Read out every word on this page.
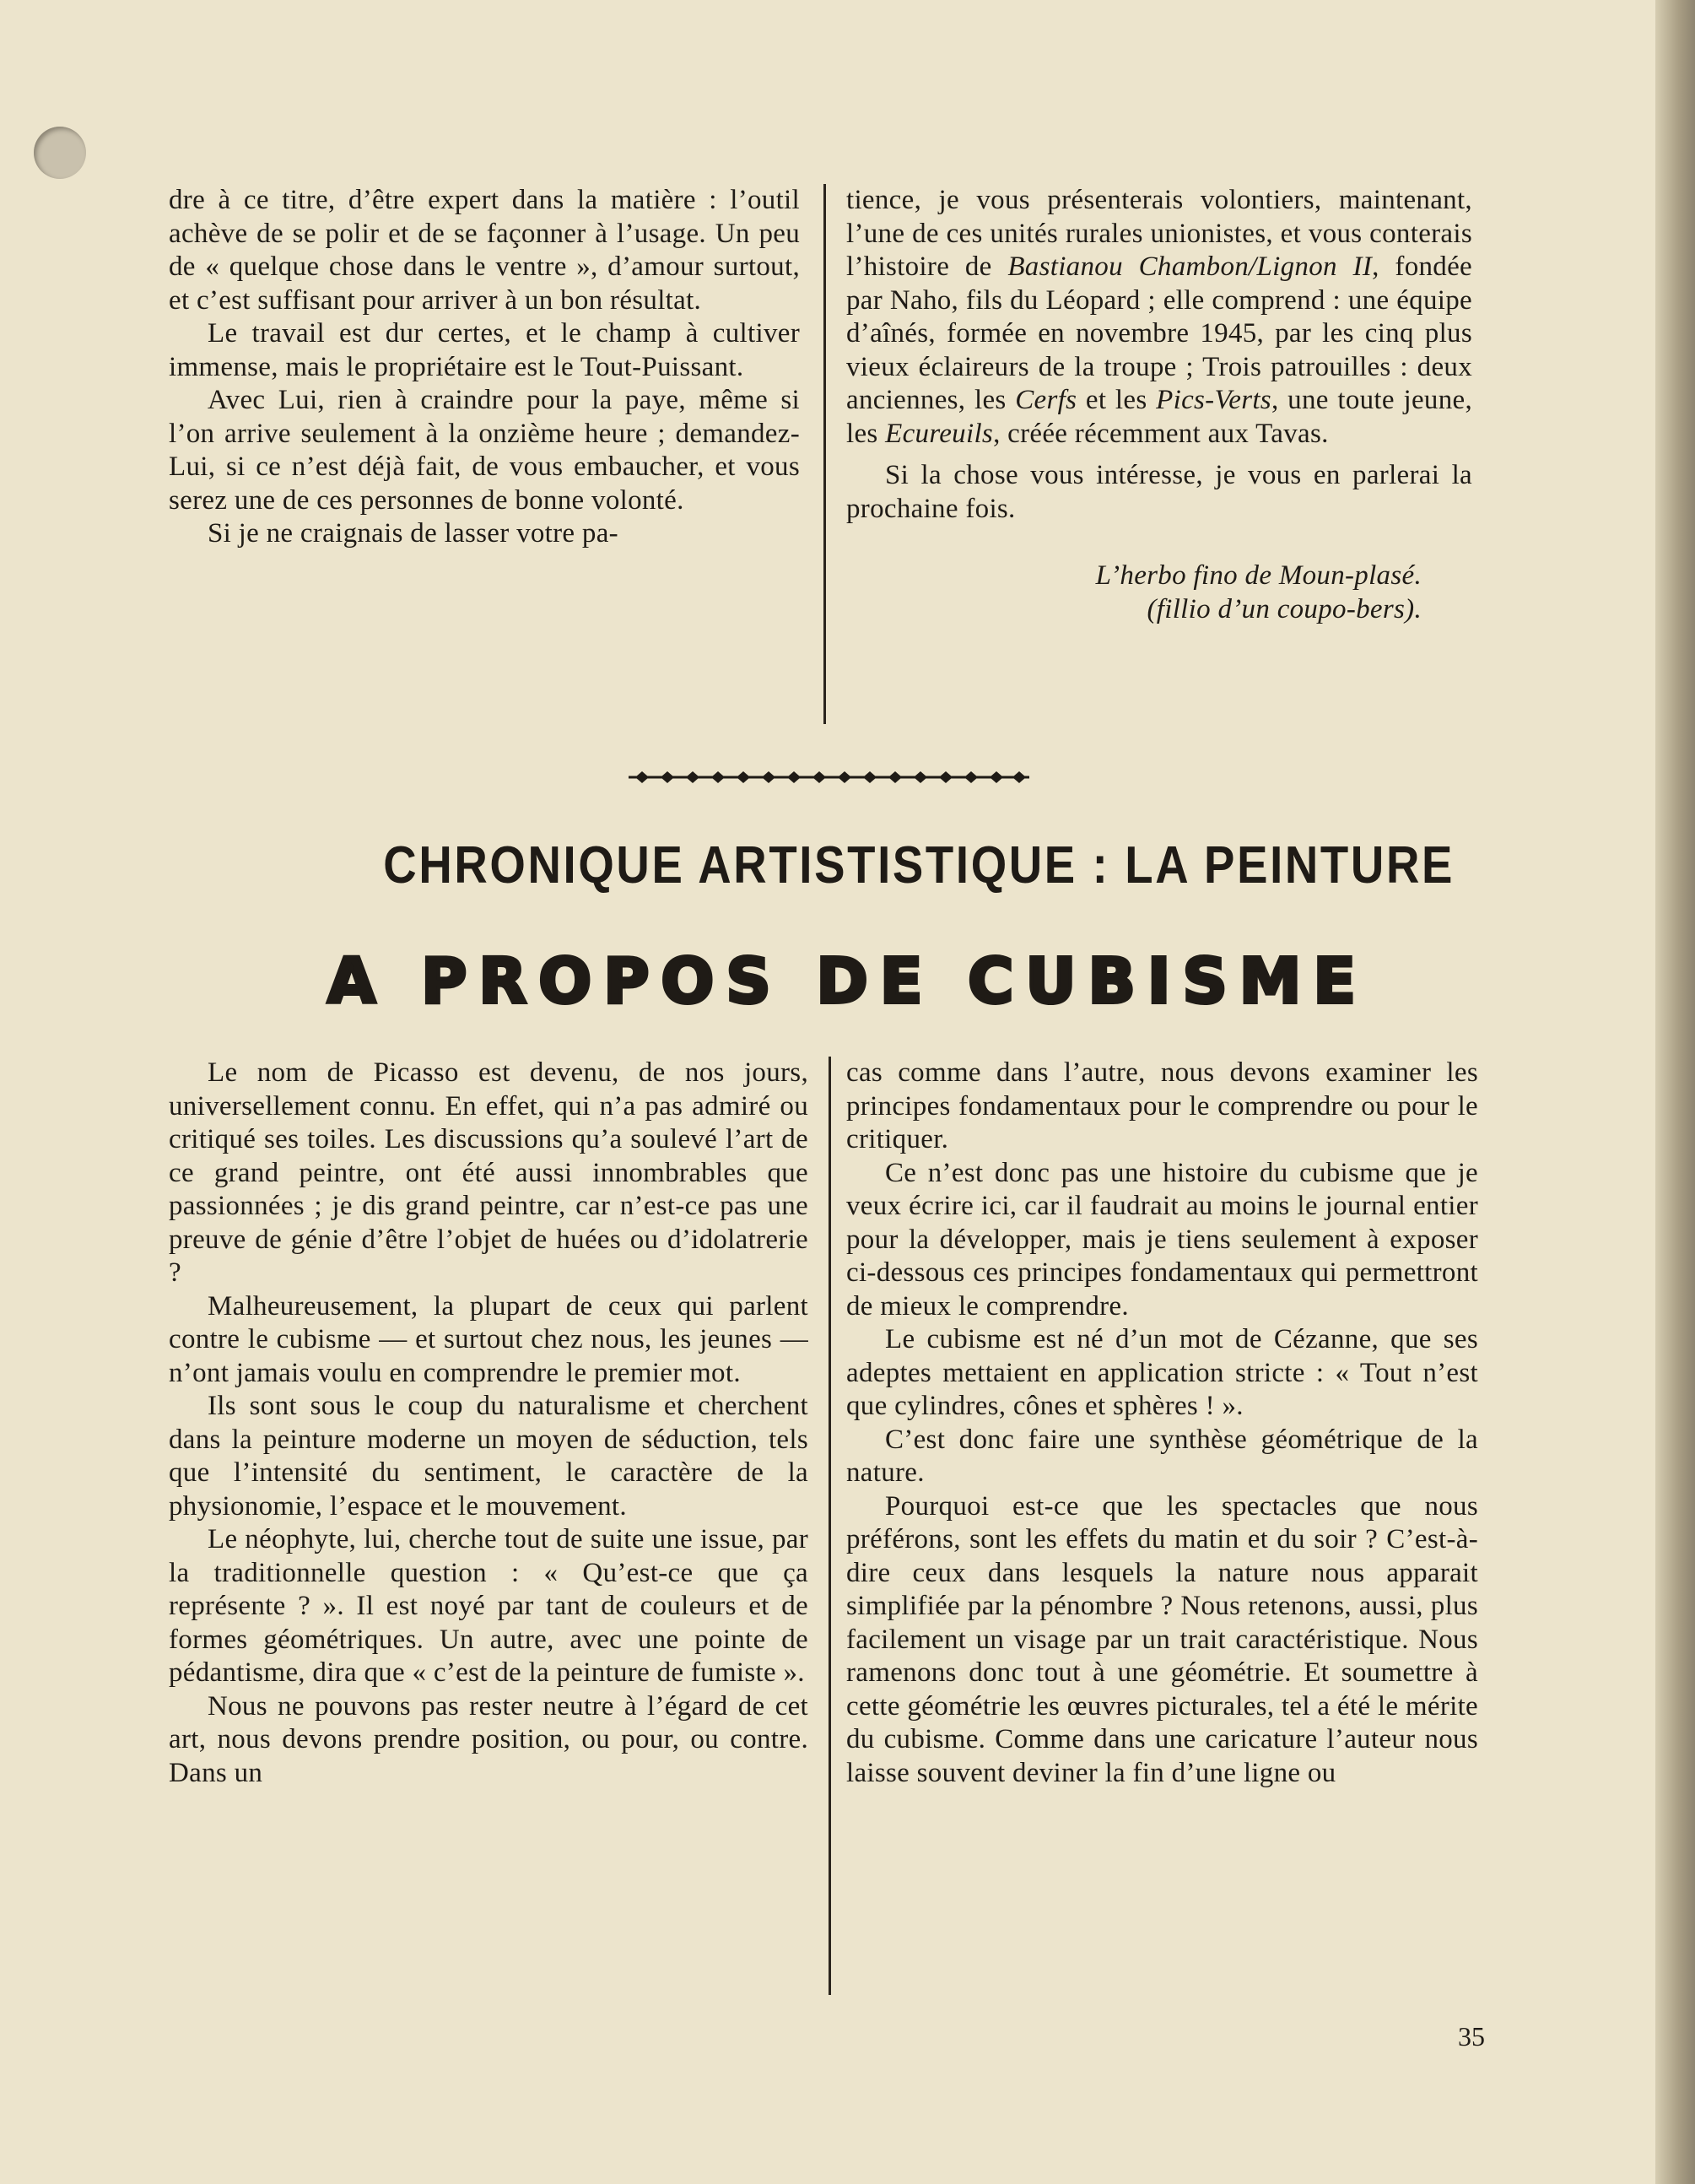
dre à ce titre, d’être expert dans la matière : l’outil achève de se polir et de se façonner à l’usage. Un peu de « quelque chose dans le ventre », d’amour surtout, et c’est suffisant pour arriver à un bon résultat.

Le travail est dur certes, et le champ à cultiver immense, mais le propriétaire est le Tout-Puissant.

Avec Lui, rien à craindre pour la paye, même si l’on arrive seulement à la onzième heure ; demandez-Lui, si ce n’est déjà fait, de vous embaucher, et vous serez une de ces personnes de bonne volonté.

Si je ne craignais de lasser votre pa-

tience, je vous présenterais volontiers, maintenant, l’une de ces unités rurales unionistes, et vous conterais l’histoire de Bastianou Chambon/Lignon II, fondée par Naho, fils du Léopard ; elle comprend : une équipe d’aînés, formée en novembre 1945, par les cinq plus vieux éclaireurs de la troupe ; Trois patrouilles : deux anciennes, les Cerfs et les Pics-Verts, une toute jeune, les Ecureuils, créée récemment aux Tavas.

Si la chose vous intéresse, je vous en parlerai la prochaine fois.

L’herbo fino de Moun-plasé.
(fillio d’un coupo-bers).
CHRONIQUE ARTISTISTIQUE : LA PEINTURE
A PROPOS DE CUBISME

Le nom de Picasso est devenu, de nos jours, universellement connu. En effet, qui n’a pas admiré ou critiqué ses toiles. Les discussions qu’a soulevé l’art de ce grand peintre, ont été aussi innombrables que passionnées ; je dis grand peintre, car n’est-ce pas une preuve de génie d’être l’objet de huées ou d’idolatrerie ?

Malheureusement, la plupart de ceux qui parlent contre le cubisme — et surtout chez nous, les jeunes — n’ont jamais voulu en comprendre le premier mot.

Ils sont sous le coup du naturalisme et cherchent dans la peinture moderne un moyen de séduction, tels que l’intensité du sentiment, le caractère de la physionomie, l’espace et le mouvement.

Le néophyte, lui, cherche tout de suite une issue, par la traditionnelle question : « Qu’est-ce que ça représente ? ». Il est noyé par tant de couleurs et de formes géométriques. Un autre, avec une pointe de pédantisme, dira que « c’est de la peinture de fumiste ».

Nous ne pouvons pas rester neutre à l’égard de cet art, nous devons prendre position, ou pour, ou contre. Dans un

cas comme dans l’autre, nous devons examiner les principes fondamentaux pour le comprendre ou pour le critiquer.

Ce n’est donc pas une histoire du cubisme que je veux écrire ici, car il faudrait au moins le journal entier pour la développer, mais je tiens seulement à exposer ci-dessous ces principes fondamentaux qui permettront de mieux le comprendre.

Le cubisme est né d’un mot de Cézanne, que ses adeptes mettaient en application stricte : « Tout n’est que cylindres, cônes et sphères ! ».

C’est donc faire une synthèse géométrique de la nature.

Pourquoi est-ce que les spectacles que nous préférons, sont les effets du matin et du soir ? C’est-à-dire ceux dans lesquels la nature nous apparait simplifiée par la pénombre ? Nous retenons, aussi, plus facilement un visage par un trait caractéristique. Nous ramenons donc tout à une géométrie. Et soumettre à cette géométrie les œuvres picturales, tel a été le mérite du cubisme. Comme dans une caricature l’auteur nous laisse souvent deviner la fin d’une ligne ou

35
